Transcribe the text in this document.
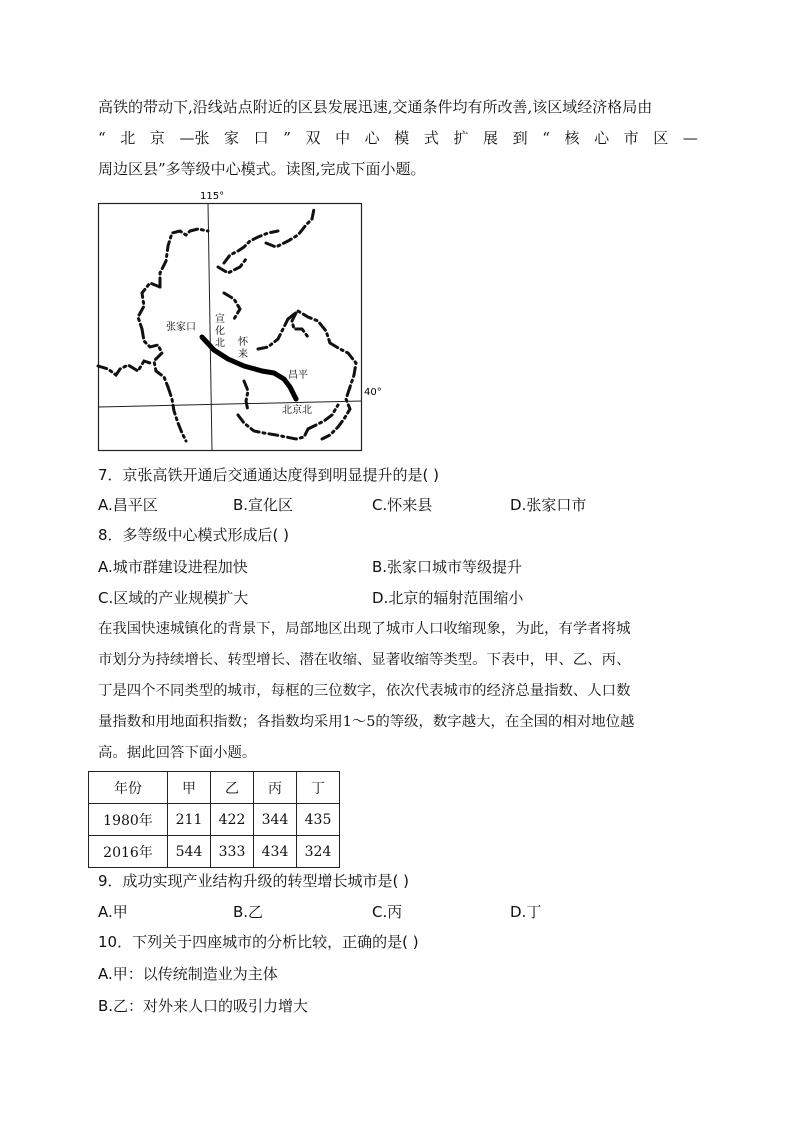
高铁的带动下,沿线站点附近的区县发展迅速,交通条件均有所改善,该区域经济格局由
“ 北 京 —张 家 口 ” 双 中 心 模 式 扩 展 到 “ 核 心 市 区 —
周边区县”多等级中心模式。读图,完成下面小题。
115°
40°
张家口
宣
化
北 怀
来
昌平
北京北
7．京张高铁开通后交通通达度得到明显提升的是( )
A.昌平区	B.宣化区	C.怀来县	D.张家口市
8．多等级中心模式形成后( )
A.城市群建设进程加快	B.张家口城市等级提升
C.区域的产业规模扩大	D.北京的辐射范围缩小
在我国快速城镇化的背景下，局部地区出现了城市人口收缩现象，为此，有学者将城
市划分为持续增长、转型增长、潜在收缩、显著收缩等类型。下表中，甲、乙、丙、
丁是四个不同类型的城市，每框的三位数字，依次代表城市的经济总量指数、人口数
量指数和用地面积指数；各指数均采用1～5的等级，数字越大，在全国的相对地位越
高。据此回答下面小题。
年份	甲	乙	丙	丁
1980年	211	422	344	435
2016年	544	333	434	324
9．成功实现产业结构升级的转型增长城市是( )
A.甲	B.乙	C.丙	D.丁
10．下列关于四座城市的分析比较，正确的是( )
A.甲：以传统制造业为主体
B.乙：对外来人口的吸引力增大
